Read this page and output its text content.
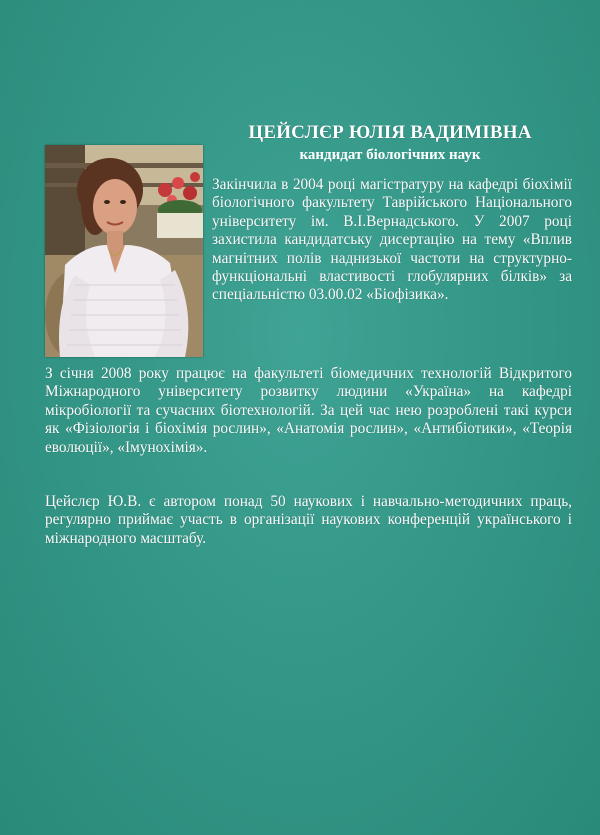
ЦЕЙСЛЄР ЮЛІЯ ВАДИМІВНА
кандидат біологічних наук

Закінчила в 2004 році магістратуру на кафедрі біохімії біологічного факультету Таврійського Національного університету ім. В.І.Вернадського. У 2007 році захистила кандидатську дисертацію на тему «Вплив магнітних полів наднизької частоти на структурно-функціональні властивості глобулярних білків» за спеціальністю 03.00.02 «Біофізика».

З січня 2008 року працює на факультеті біомедичних технологій Відкритого Міжнародного університету розвитку людини «Україна» на кафедрі мікробіології та сучасних біотехнологій. За цей час нею розроблені такі курси як «Фізіологія і біохімія рослин», «Анатомія рослин», «Антибіотики», «Теорія еволюції», «Імунохімія».

Цейслєр Ю.В. є автором понад 50 наукових і навчально-методичних праць, регулярно приймає участь в організації наукових конференцій українського і міжнародного масштабу.
